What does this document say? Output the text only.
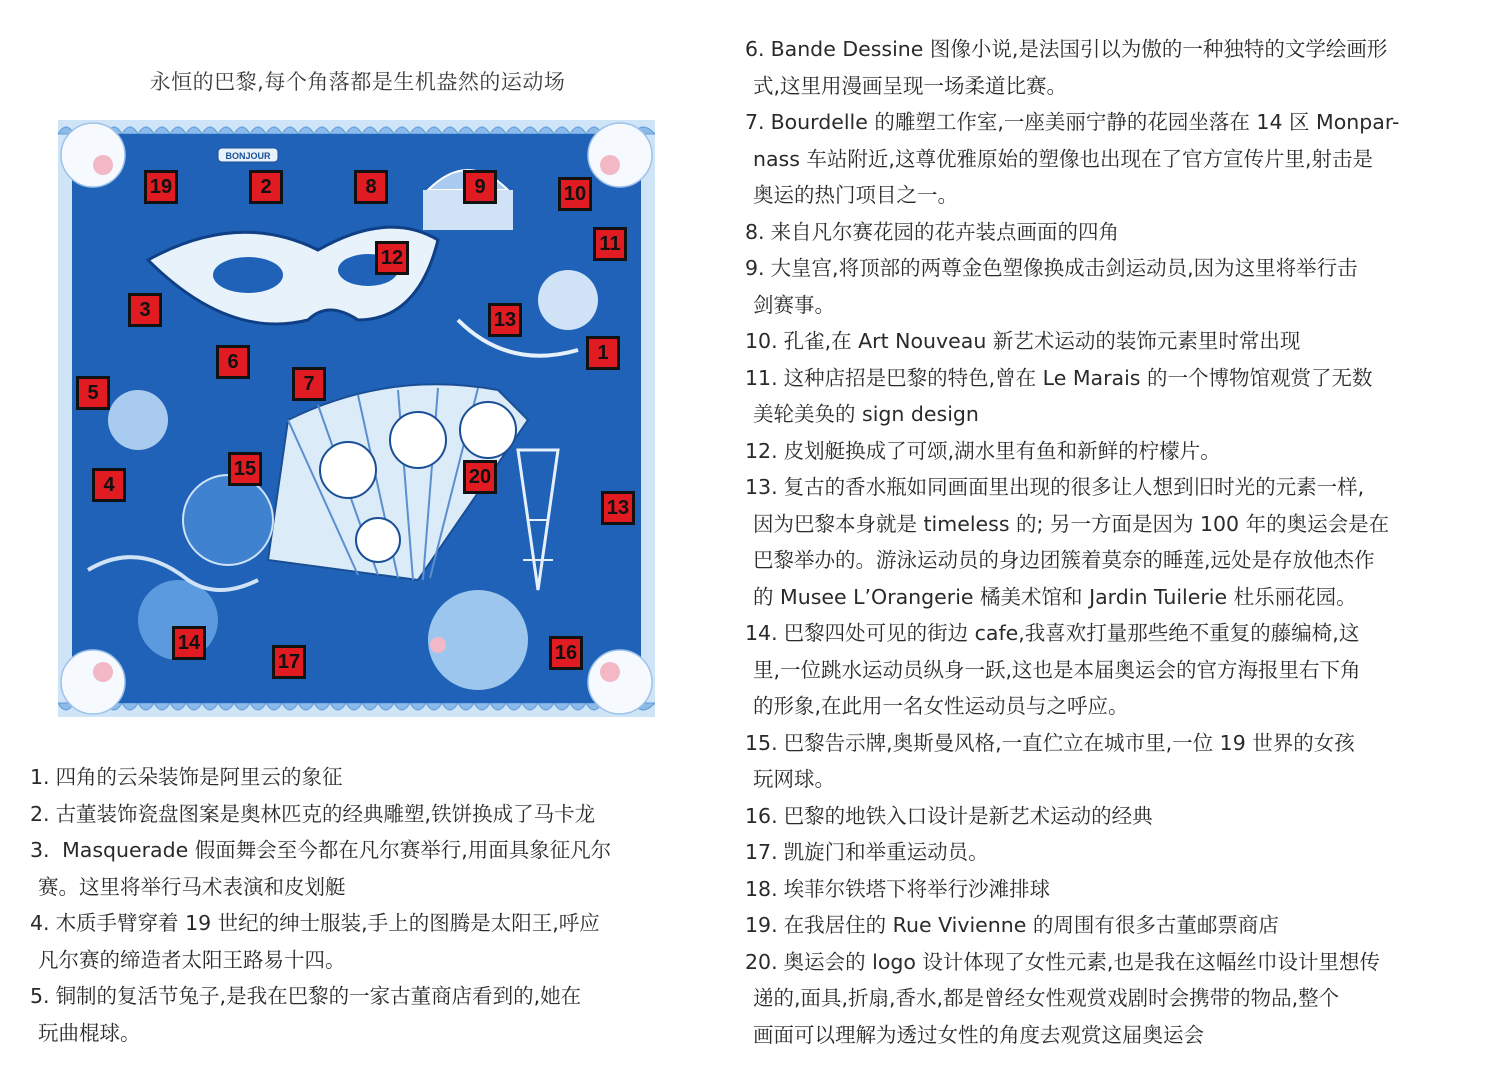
永恒的巴黎,每个角落都是生机盎然的运动场
BONJOUR
19	2	8	9	10
11
12
3	13
1
6
7
5
15	20
4
13
14
17	16
1. 四角的云朵装饰是阿里云的象征
2. 古董装饰瓷盘图案是奥林匹克的经典雕塑,铁饼换成了马卡龙
3. Masquerade 假面舞会至今都在凡尔赛举行,用面具象征凡尔
赛。这里将举行马术表演和皮划艇
4. 木质手臂穿着 19 世纪的绅士服装,手上的图腾是太阳王,呼应
凡尔赛的缔造者太阳王路易十四。
5. 铜制的复活节兔子,是我在巴黎的一家古董商店看到的,她在
玩曲棍球。
6. Bande Dessine 图像小说,是法国引以为傲的一种独特的文学绘画形
式,这里用漫画呈现一场柔道比赛。
7. Bourdelle 的雕塑工作室,一座美丽宁静的花园坐落在 14 区 Monpar-
nass 车站附近,这尊优雅原始的塑像也出现在了官方宣传片里,射击是
奥运的热门项目之一。
8. 来自凡尔赛花园的花卉装点画面的四角
9. 大皇宫,将顶部的两尊金色塑像换成击剑运动员,因为这里将举行击
剑赛事。
10. 孔雀,在 Art Nouveau 新艺术运动的装饰元素里时常出现
11. 这种店招是巴黎的特色,曾在 Le Marais 的一个博物馆观赏了无数
美轮美奂的 sign design
12. 皮划艇换成了可颂,湖水里有鱼和新鲜的柠檬片。
13. 复古的香水瓶如同画面里出现的很多让人想到旧时光的元素一样,
因为巴黎本身就是 timeless 的; 另一方面是因为 100 年的奥运会是在
巴黎举办的。游泳运动员的身边团簇着莫奈的睡莲,远处是存放他杰作
的 Musee L’Orangerie 橘美术馆和 Jardin Tuilerie 杜乐丽花园。
14. 巴黎四处可见的街边 cafe,我喜欢打量那些绝不重复的藤编椅,这
里,一位跳水运动员纵身一跃,这也是本届奥运会的官方海报里右下角
的形象,在此用一名女性运动员与之呼应。
15. 巴黎告示牌,奥斯曼风格,一直伫立在城市里,一位 19 世界的女孩
玩网球。
16. 巴黎的地铁入口设计是新艺术运动的经典
17. 凯旋门和举重运动员。
18. 埃菲尔铁塔下将举行沙滩排球
19. 在我居住的 Rue Vivienne 的周围有很多古董邮票商店
20. 奥运会的 logo 设计体现了女性元素,也是我在这幅丝巾设计里想传
递的,面具,折扇,香水,都是曾经女性观赏戏剧时会携带的物品,整个
画面可以理解为透过女性的角度去观赏这届奥运会
